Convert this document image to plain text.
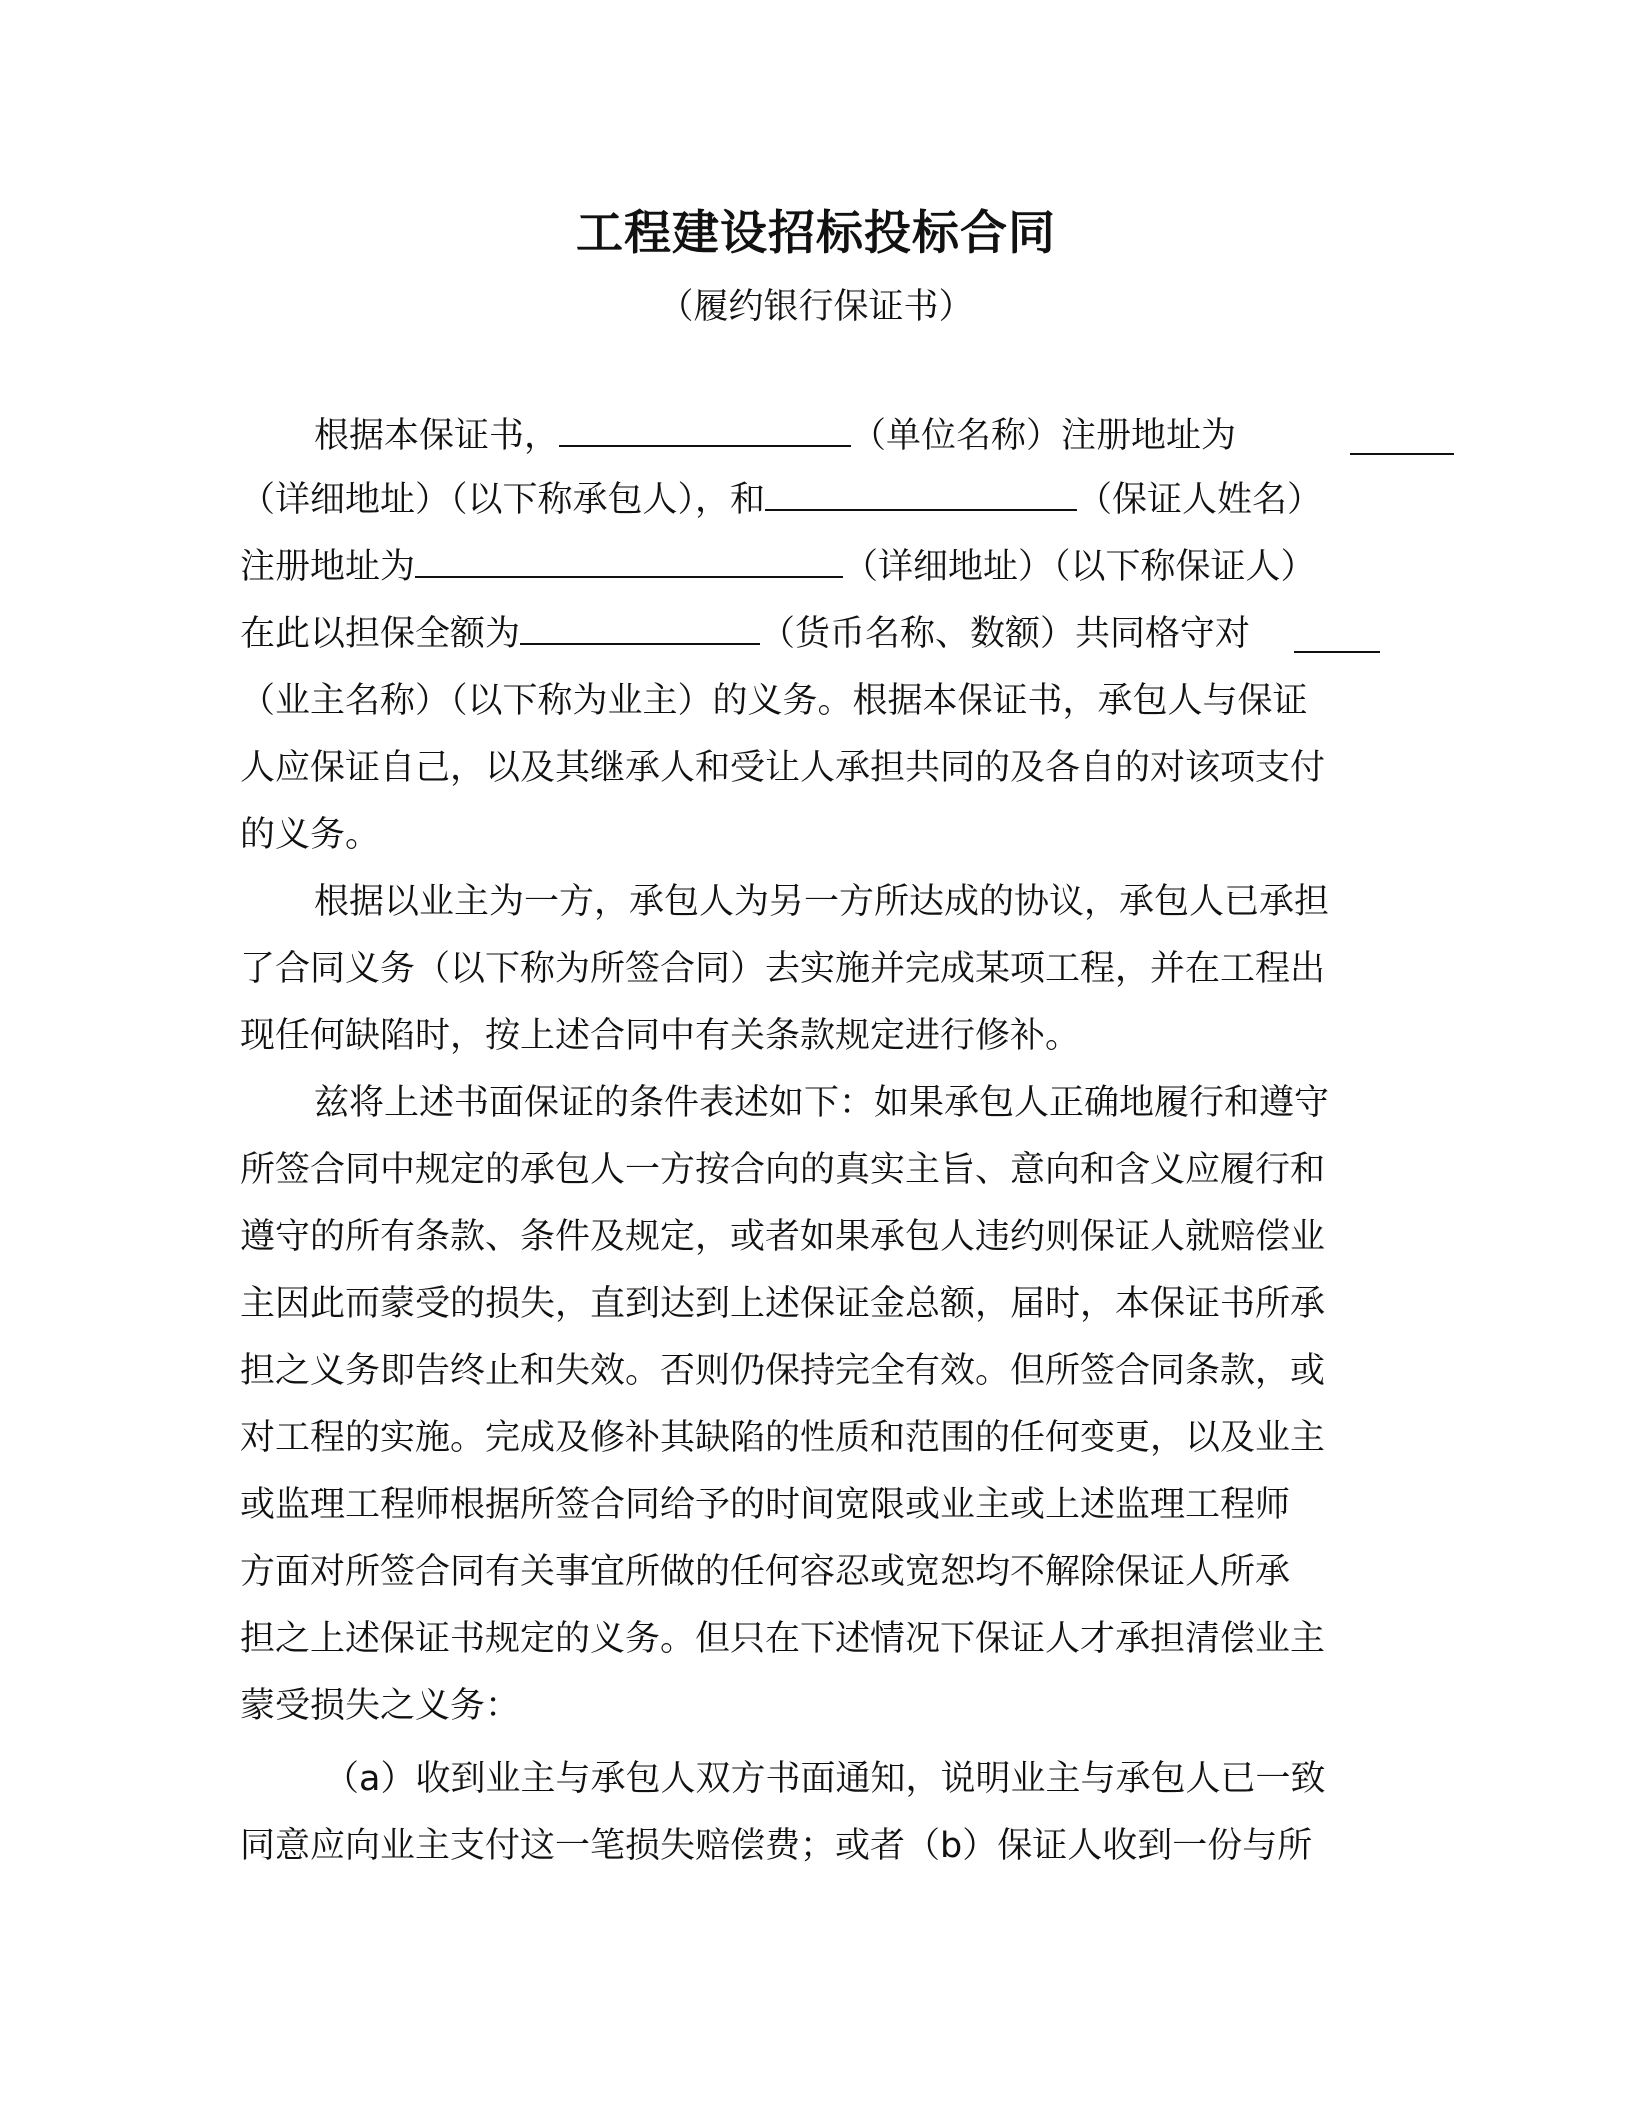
工程建设招标投标合同
（履约银行保证书）
根据本保证书，	（单位名称）注册地址为
（详细地址）（以下称承包人），和	（保证人姓名）
注册地址为	（详细地址）（以下称保证人）
在此以担保全额为	（货币名称、数额）共同格守对
（业主名称）（以下称为业主）的义务。根据本保证书，承包人与保证
人应保证自己，以及其继承人和受让人承担共同的及各自的对该项支付
的义务。
根据以业主为一方，承包人为另一方所达成的协议，承包人已承担
了合同义务（以下称为所签合同）去实施并完成某项工程，并在工程出
现任何缺陷时，按上述合同中有关条款规定进行修补。
兹将上述书面保证的条件表述如下：如果承包人正确地履行和遵守
所签合同中规定的承包人一方按合向的真实主旨、意向和含义应履行和
遵守的所有条款、条件及规定，或者如果承包人违约则保证人就赔偿业
主因此而蒙受的损失，直到达到上述保证金总额，届时，本保证书所承
担之义务即告终止和失效。否则仍保持完全有效。但所签合同条款，或
对工程的实施。完成及修补其缺陷的性质和范围的任何变更，以及业主
或监理工程师根据所签合同给予的时间宽限或业主或上述监理工程师
方面对所签合同有关事宜所做的任何容忍或宽恕均不解除保证人所承
担之上述保证书规定的义务。但只在下述情况下保证人才承担清偿业主
蒙受损失之义务：
（a）收到业主与承包人双方书面通知，说明业主与承包人已一致
同意应向业主支付这一笔损失赔偿费；或者（b）保证人收到一份与所
